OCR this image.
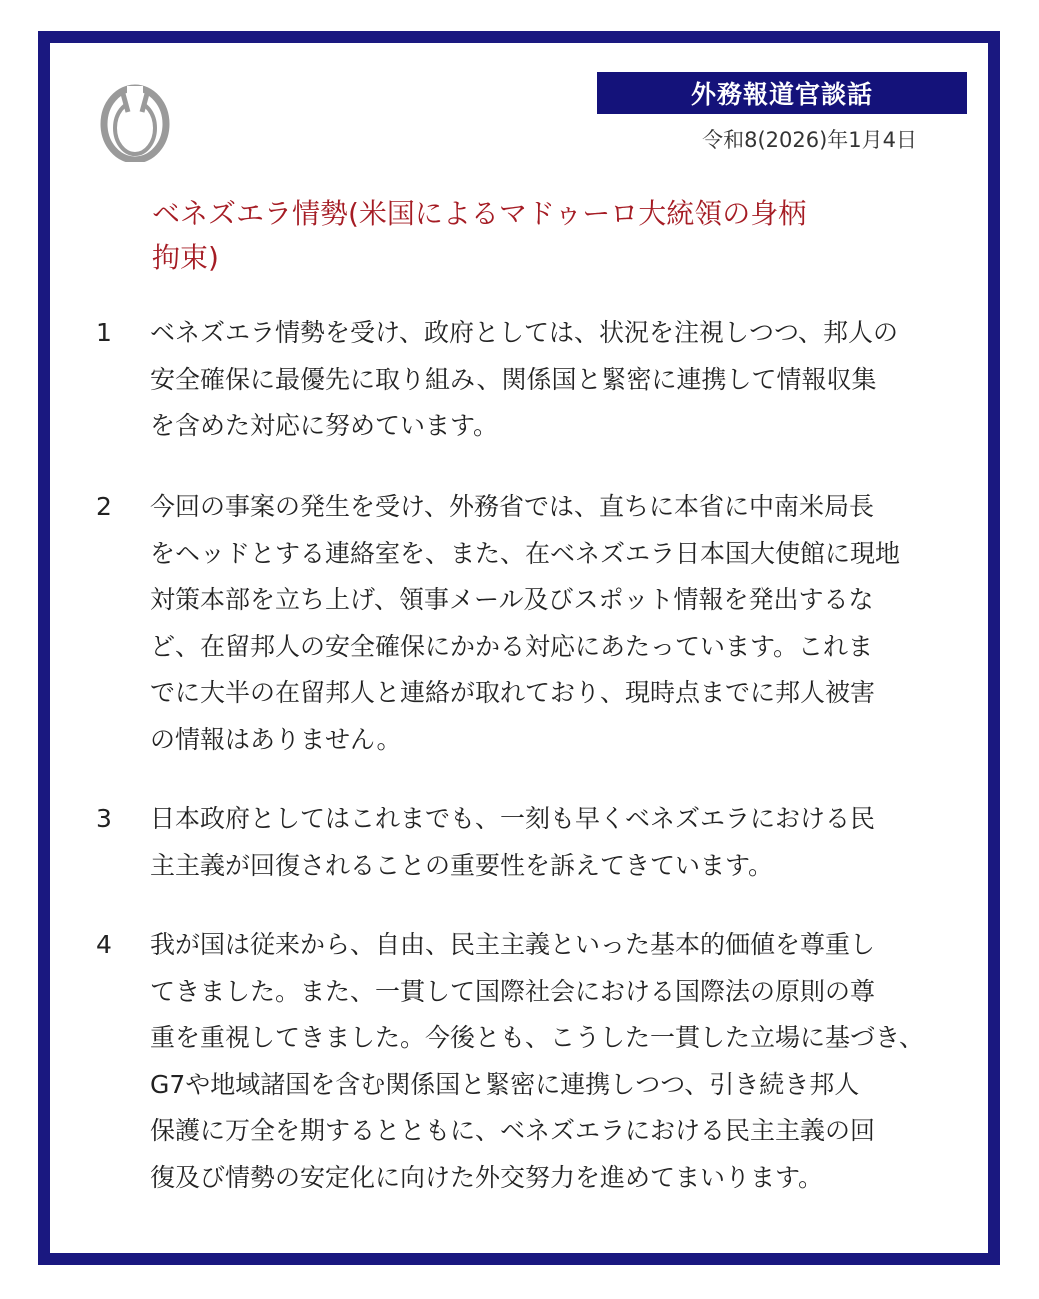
外務報道官談話
令和8(2026)年1月4日
ベネズエラ情勢(米国によるマドゥーロ大統領の身柄
拘束)
1	ベネズエラ情勢を受け、政府としては、状況を注視しつつ、邦人の
安全確保に最優先に取り組み、関係国と緊密に連携して情報収集
を含めた対応に努めています。
2	今回の事案の発生を受け、外務省では、直ちに本省に中南米局長
をヘッドとする連絡室を、また、在ベネズエラ日本国大使館に現地
対策本部を立ち上げ、領事メール及びスポット情報を発出するな
ど、在留邦人の安全確保にかかる対応にあたっています。これま
でに大半の在留邦人と連絡が取れており、現時点までに邦人被害
の情報はありません。
3	日本政府としてはこれまでも、一刻も早くベネズエラにおける民
主主義が回復されることの重要性を訴えてきています。
4	我が国は従来から、自由、民主主義といった基本的価値を尊重し
てきました。また、一貫して国際社会における国際法の原則の尊
重を重視してきました。今後とも、こうした一貫した立場に基づき、
G7や地域諸国を含む関係国と緊密に連携しつつ、引き続き邦人
保護に万全を期するとともに、ベネズエラにおける民主主義の回
復及び情勢の安定化に向けた外交努力を進めてまいります。
